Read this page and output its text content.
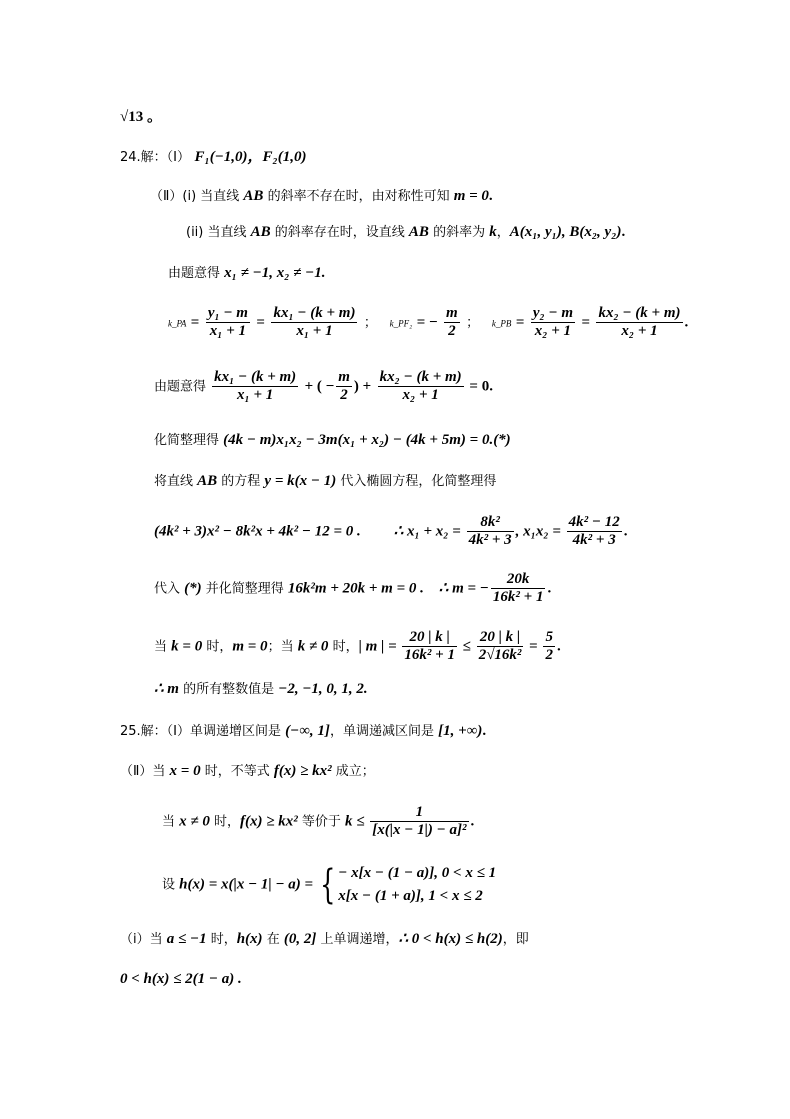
√13 。
24.解：（Ⅰ） F₁(−1,0)，F₂(1,0)
（Ⅱ）(i) 当直线 AB 的斜率不存在时，由对称性可知 m = 0.
(ii) 当直线 AB 的斜率存在时，设直线 AB 的斜率为 k，A(x₁, y₁), B(x₂, y₂).
由题意得 x₁ ≠ −1, x₂ ≠ −1.
k_PA = $\frac{\text{y₁ − m}}{\text{x₁ + 1}} = \frac{\text{kx₁ − (k + m)}}{\text{x₁ + 1}}$ ；   k_PF₂ = − $\frac{m}{2}$ ；   k_PB = $\frac{\text{y₂ − m}}{\text{x₂ + 1}} = \frac{\text{kx₂ − (k + m)}}{\text{x₂ + 1}}$ .
由题意得 $\frac{\text{kx₁ − (k + m)}}{\text{x₁ + 1}}$ + ( − $\frac{m}{2}$ ) + $\frac{\text{kx₂ − (k + m)}}{\text{x₂ + 1}} = 0$.
化简整理得 (4k − m)x₁x₂ − 3m(x₁ + x₂) − (4k + 5m) = 0.(*)
将直线 AB 的方程 y = k(x − 1) 代入椭圆方程，化简整理得
(4k² + 3)x² − 8k²x + 4k² − 12 = 0 . ∴ $x_1 + x_2 = \frac{\text{8k²}}{\text{4k² + 3}}$ , $x_1x_2 = \frac{\text{4k² − 12}}{\text{4k² + 3}}$ .
代入 (*) 并化简整理得 16k²m + 20k + m = 0 . ∴ m = − $\frac{20k}{\text{16k² + 1}}$ .
当 k = 0 时，m = 0；当 k ≠ 0 时，| m | = $\frac{20 | k |}{\text{16k² + 1}} \le \frac{20 | k |}{\text{2√16k²}} = \frac{5}{2}$ .
∴ m 的所有整数值是 −2, −1, 0, 1, 2.
25.解：（Ⅰ）单调递增区间是 (−∞, 1]，单调递减区间是 [1, +∞).
（Ⅱ）当 x = 0 时，不等式 f(x) ≥ kx² 成立；
当 x ≠ 0 时，f(x) ≥ kx² 等价于 $k \le \frac{1}{\text{[x(|x − 1|) − a]²}}$ .
设 h(x) = x(|x − 1| − a) = { − x[x − (1 − a)], 0 < x ≤ 1
x[x − (1 + a)], 1 < x ≤ 2
（i）当 a ≤ −1 时，h(x) 在 (0, 2] 上单调递增，∴ 0 < h(x) ≤ h(2)，即
0 < h(x) ≤ 2(1 − a) .
